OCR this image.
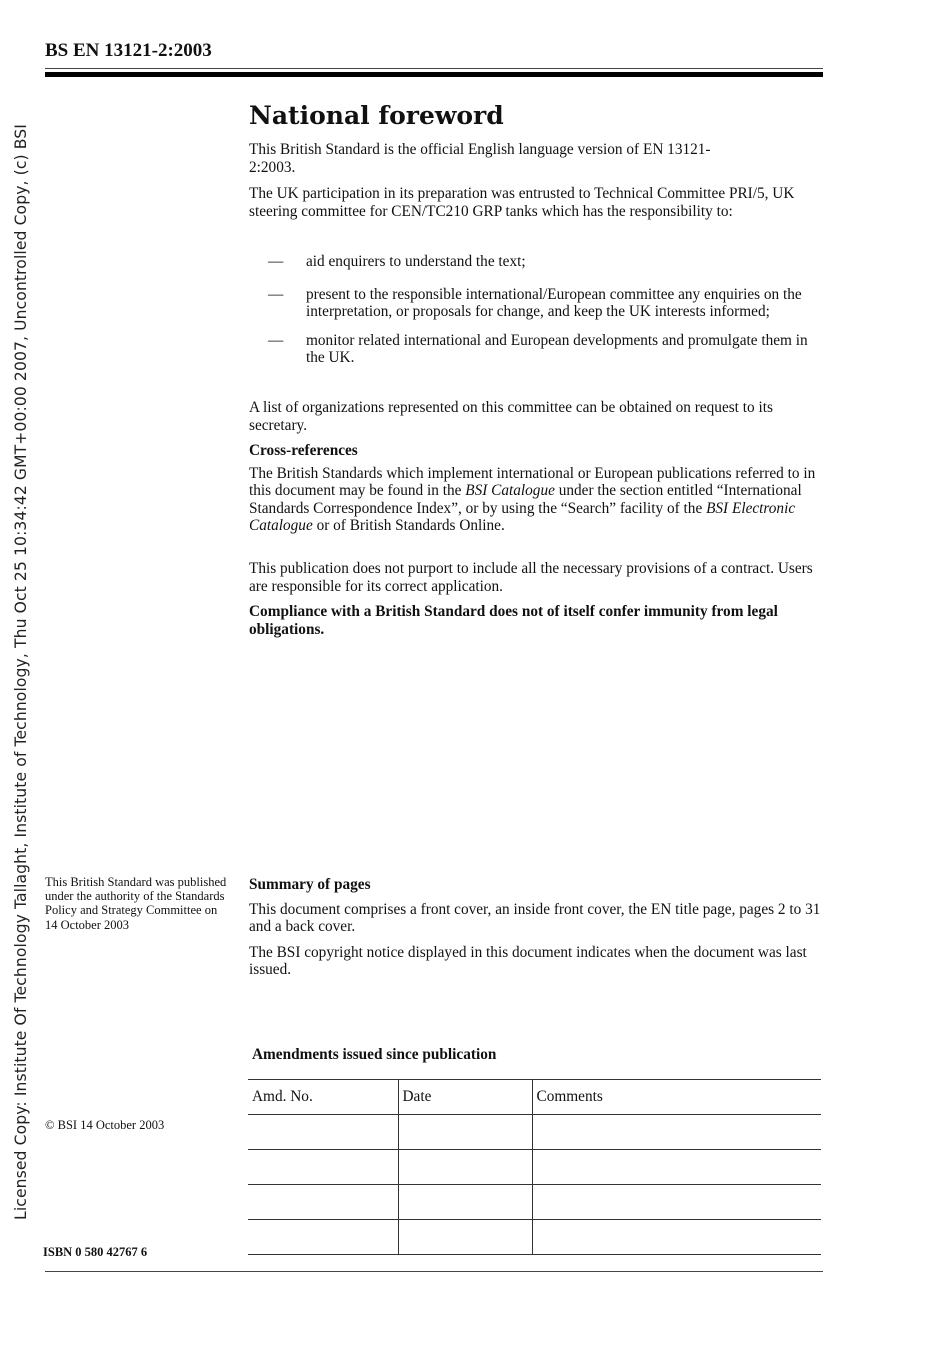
Licensed Copy: Institute Of Technology Tallaght, Institute of Technology, Thu Oct 25 10:34:42 GMT+00:00 2007, Uncontrolled Copy, (c) BSI
BS EN 13121-2:2003
National foreword

This British Standard is the official English language version of EN 13121-2:2003.

The UK participation in its preparation was entrusted to Technical Committee PRI/5, UK steering committee for CEN/TC210 GRP tanks which has the responsibility to:

—	aid enquirers to understand the text;
—	present to the responsible international/European committee any enquiries on the interpretation, or proposals for change, and keep the UK interests informed;
—	monitor related international and European developments and promulgate them in the UK.

A list of organizations represented on this committee can be obtained on request to its secretary.

Cross-references

The British Standards which implement international or European publications referred to in this document may be found in the BSI Catalogue under the section entitled “International Standards Correspondence Index”, or by using the “Search” facility of the BSI Electronic Catalogue or of British Standards Online.

This publication does not purport to include all the necessary provisions of a contract. Users are responsible for its correct application.

Compliance with a British Standard does not of itself confer immunity from legal obligations.

This British Standard was published under the authority of the Standards Policy and Strategy Committee on 14 October 2003

Summary of pages

This document comprises a front cover, an inside front cover, the EN title page, pages 2 to 31 and a back cover.

The BSI copyright notice displayed in this document indicates when the document was last issued.

Amendments issued since publication
Amd. No.	Date	Comments

© BSI 14 October 2003
ISBN 0 580 42767 6
